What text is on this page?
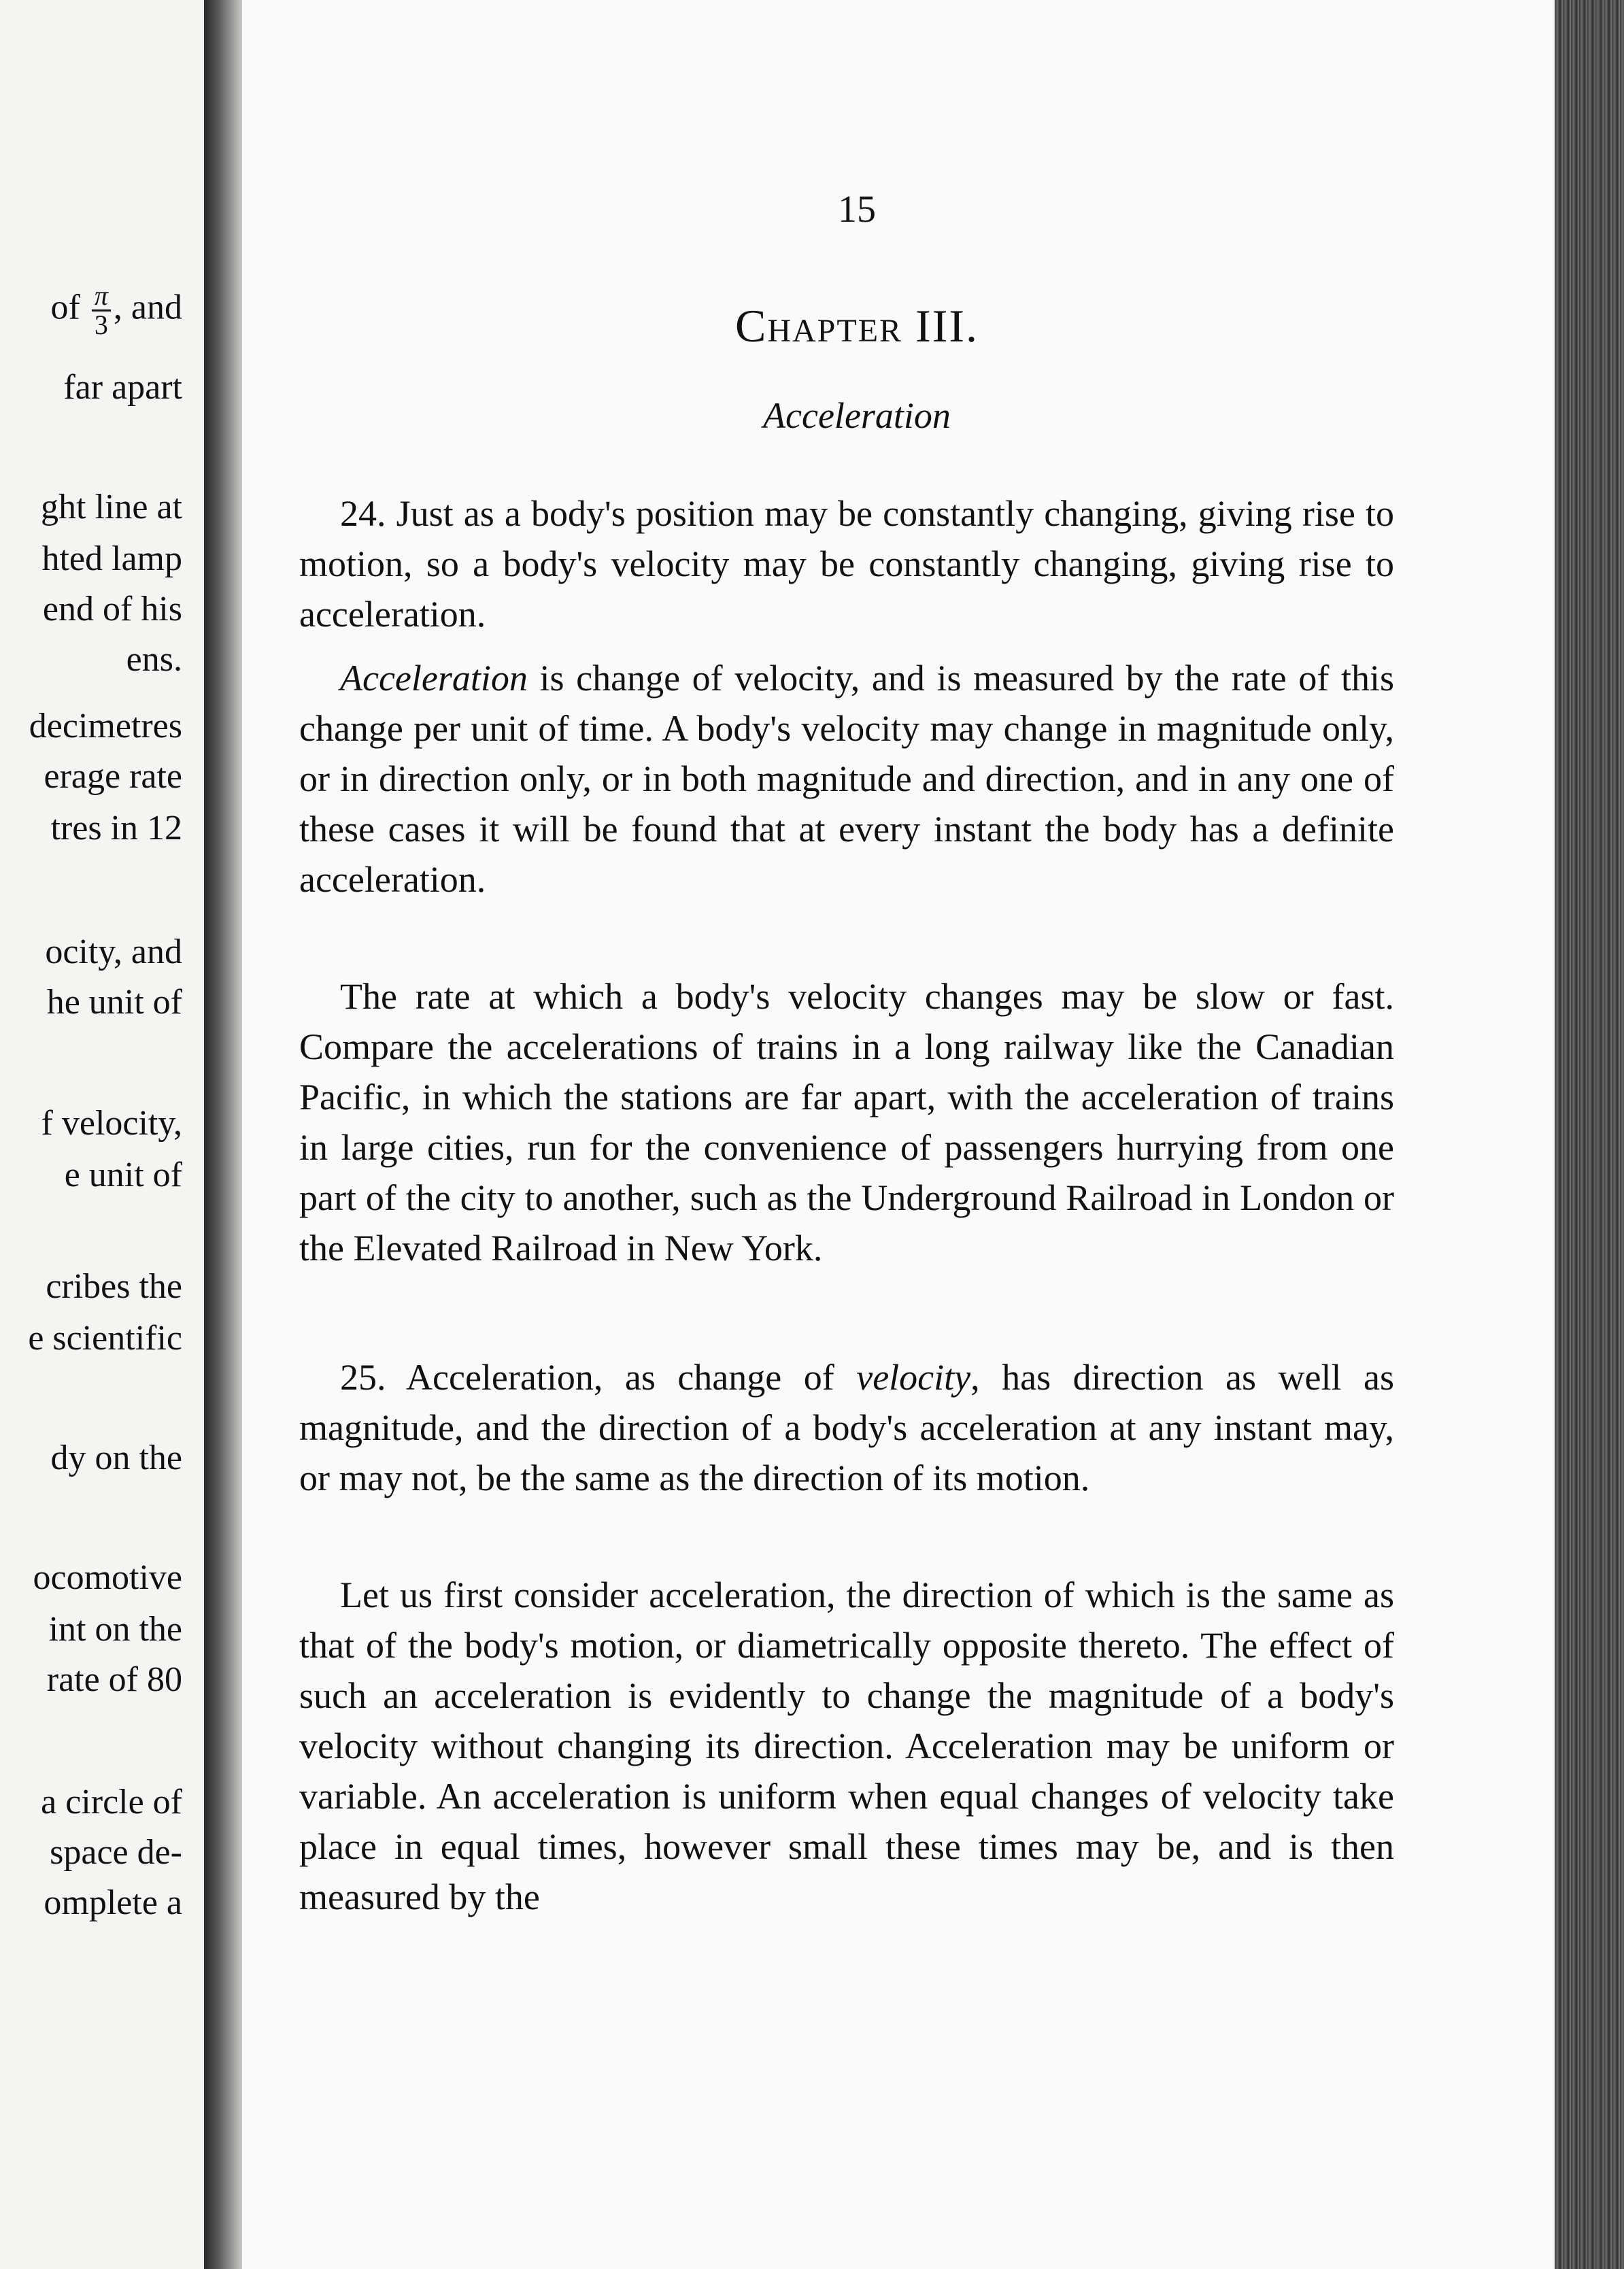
of $\frac{\pi}{3}$ , and
far apart
ght line at
hted lamp
end of his
ens.
decimetres
erage rate
tres in 12
ocity, and
he unit of
f velocity,
e unit of
cribes the
e scientific
dy on the
ocomotive
int on the
rate of 80
a circle of
space de-
omplete a
15
Chapter III.
Acceleration
24. Just as a body's position may be constantly changing, giving rise to motion, so a body's velocity may be constantly changing, giving rise to acceleration.
Acceleration is change of velocity, and is measured by the rate of this change per unit of time. A body's velocity may change in magnitude only, or in direction only, or in both magnitude and direction, and in any one of these cases it will be found that at every instant the body has a definite acceleration.
The rate at which a body's velocity changes may be slow or fast. Compare the accelerations of trains in a long railway like the Canadian Pacific, in which the stations are far apart, with the acceleration of trains in large cities, run for the convenience of passengers hurrying from one part of the city to another, such as the Underground Railroad in London or the Elevated Railroad in New York.
25. Acceleration, as change of velocity, has direction as well as magnitude, and the direction of a body's acceleration at any instant may, or may not, be the same as the direction of its motion.
Let us first consider acceleration, the direction of which is the same as that of the body's motion, or diametrically opposite thereto. The effect of such an acceleration is evidently to change the magnitude of a body's velocity without changing its direction. Acceleration may be uniform or variable. An acceleration is uniform when equal changes of velocity take place in equal times, however small these times may be, and is then measured by the
